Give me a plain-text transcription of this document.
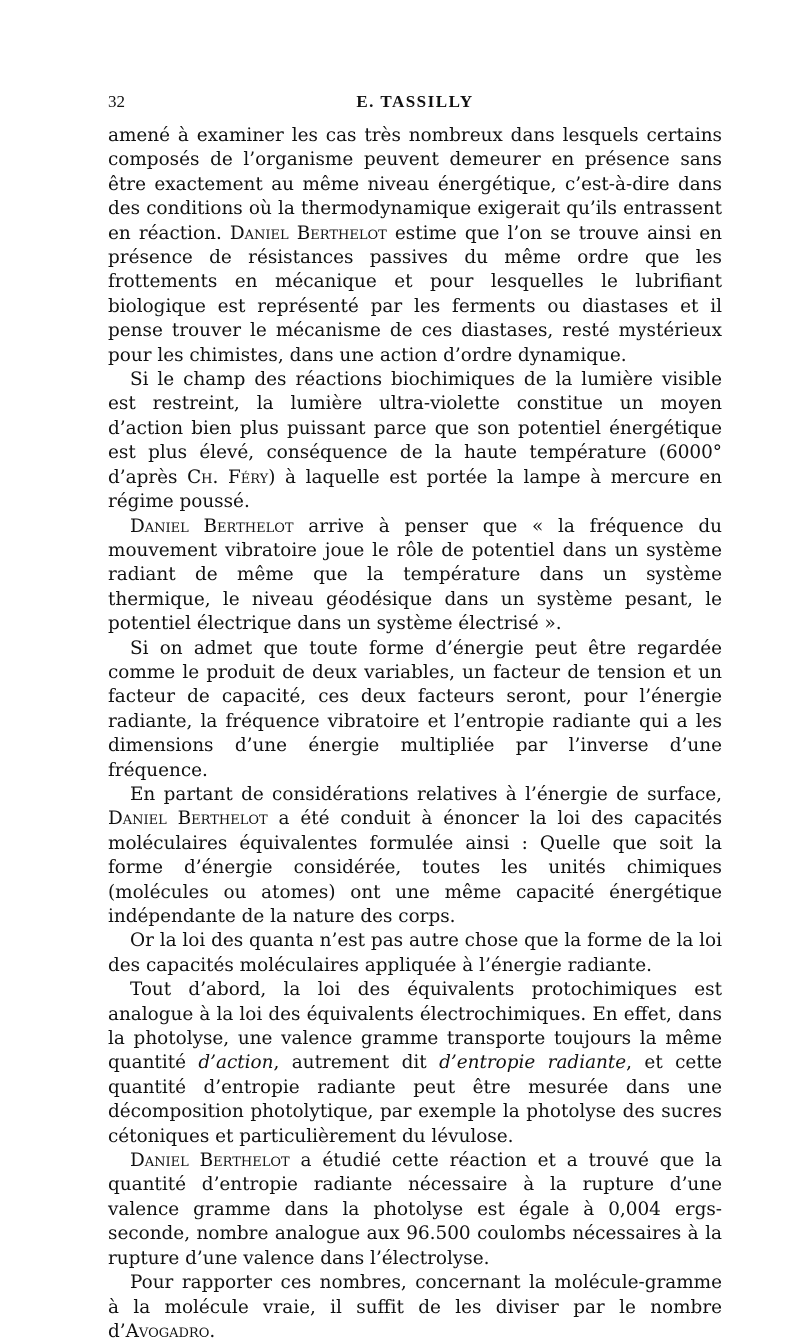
32	E. TASSILLY

amené à examiner les cas très nombreux dans lesquels certains composés de l’organisme peuvent demeurer en présence sans être exactement au même niveau énergétique, c’est-à-dire dans des conditions où la thermodynamique exigerait qu’ils entrassent en réaction. Daniel Berthelot estime que l’on se trouve ainsi en présence de résistances passives du même ordre que les frottements en mécanique et pour lesquelles le lubrifiant biologique est représenté par les ferments ou diastases et il pense trouver le mécanisme de ces diastases, resté mystérieux pour les chimistes, dans une action d’ordre dynamique.

Si le champ des réactions biochimiques de la lumière visible est restreint, la lumière ultra-violette constitue un moyen d’action bien plus puissant parce que son potentiel énergétique est plus élevé, conséquence de la haute température (6000° d’après Ch. Féry) à laquelle est portée la lampe à mercure en régime poussé.

Daniel Berthelot arrive à penser que « la fréquence du mouvement vibratoire joue le rôle de potentiel dans un système radiant de même que la température dans un système thermique, le niveau géodésique dans un système pesant, le potentiel électrique dans un système électrisé ».

Si on admet que toute forme d’énergie peut être regardée comme le produit de deux variables, un facteur de tension et un facteur de capacité, ces deux facteurs seront, pour l’énergie radiante, la fréquence vibratoire et l’entropie radiante qui a les dimensions d’une énergie multipliée par l’inverse d’une fréquence.

En partant de considérations relatives à l’énergie de surface, Daniel Berthelot a été conduit à énoncer la loi des capacités moléculaires équivalentes formulée ainsi : Quelle que soit la forme d’énergie considérée, toutes les unités chimiques (molécules ou atomes) ont une même capacité énergétique indépendante de la nature des corps.

Or la loi des quanta n’est pas autre chose que la forme de la loi des capacités moléculaires appliquée à l’énergie radiante.

Tout d’abord, la loi des équivalents protochimiques est analogue à la loi des équivalents électrochimiques. En effet, dans la photolyse, une valence gramme transporte toujours la même quantité d’action, autrement dit d’entropie radiante, et cette quantité d’entropie radiante peut être mesurée dans une décomposition photolytique, par exemple la photolyse des sucres cétoniques et particulièrement du lévulose.

Daniel Berthelot a étudié cette réaction et a trouvé que la quantité d’entropie radiante nécessaire à la rupture d’une valence gramme dans la photolyse est égale à 0,004 ergs-seconde, nombre analogue aux 96.500 coulombs nécessaires à la rupture d’une valence dans l’électrolyse.

Pour rapporter ces nombres, concernant la molécule-gramme à la molécule vraie, il suffit de les diviser par le nombre d’Avogadro.
